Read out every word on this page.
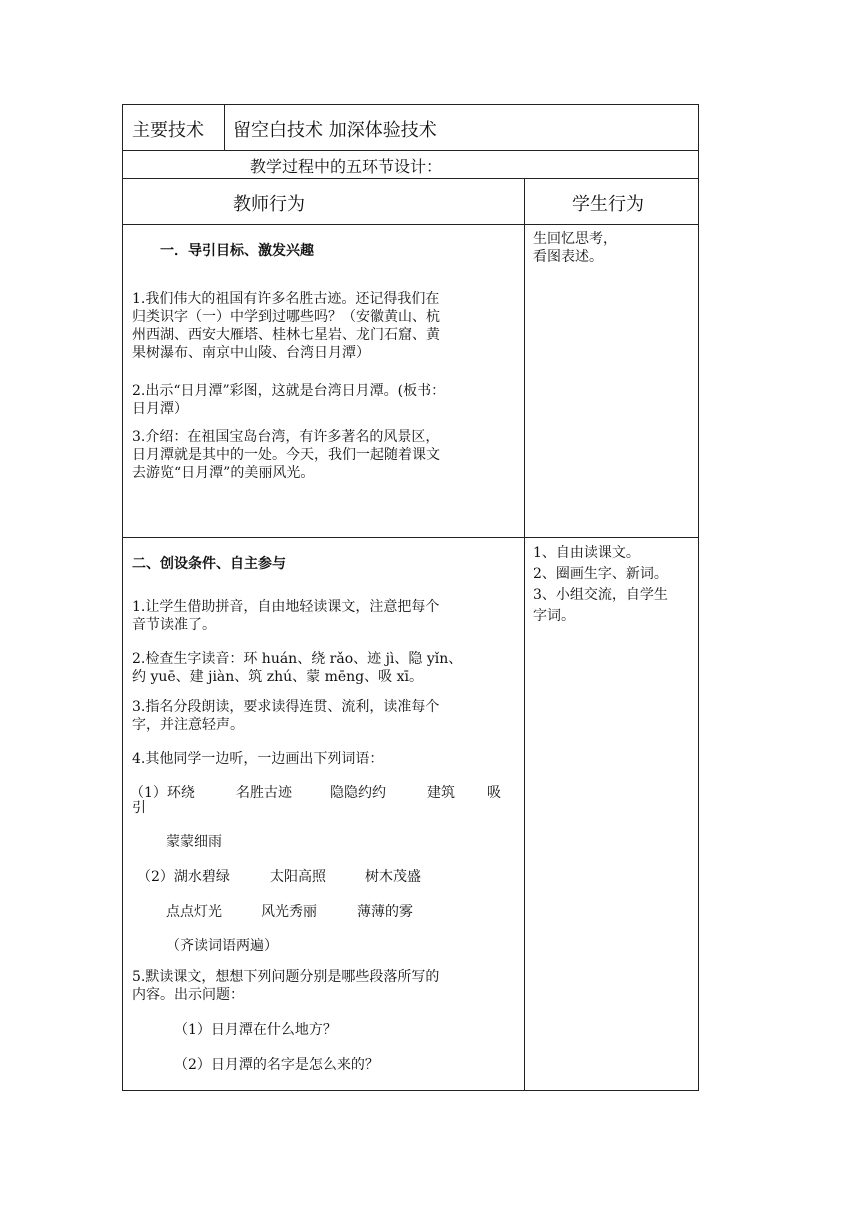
主要技术 留空白技术 加深体验技术
教学过程中的五环节设计：
教师行为	学生行为
一．导引目标、激发兴趣
1.我们伟大的祖国有许多名胜古迹。还记得我们在
归类识字（一）中学到过哪些吗？（安徽黄山、杭
州西湖、西安大雁塔、桂林七星岩、龙门石窟、黄
果树瀑布、南京中山陵、台湾日月潭）
2.出示“日月潭”彩图，这就是台湾日月潭。(板书：
日月潭）
3.介绍：在祖国宝岛台湾，有许多著名的风景区，
日月潭就是其中的一处。今天，我们一起随着课文
去游览“日月潭”的美丽风光。
生回忆思考，
看图表述。
二、创设条件、自主参与
1.让学生借助拼音，自由地轻读课文，注意把每个
音节读准了。
2.检查生字读音：环 huán、绕 rǎo、迹 jì、隐 yǐn、
约 yuē、建 jiàn、筑 zhú、蒙 mēng、吸 xī。
3.指名分段朗读，要求读得连贯、流利，读准每个
字，并注意轻声。
4.其他同学一边听，一边画出下列词语：
（1）环绕	名胜古迹	隐隐约约	建筑 吸
引
蒙蒙细雨
（2）湖水碧绿	太阳高照	树木茂盛
点点灯光	风光秀丽	薄薄的雾
（齐读词语两遍）
5.默读课文，想想下列问题分别是哪些段落所写的
内容。出示问题：
（1）日月潭在什么地方？
（2）日月潭的名字是怎么来的？
1、自由读课文。
2、圈画生字、新词。
3、小组交流，自学生
字词。
